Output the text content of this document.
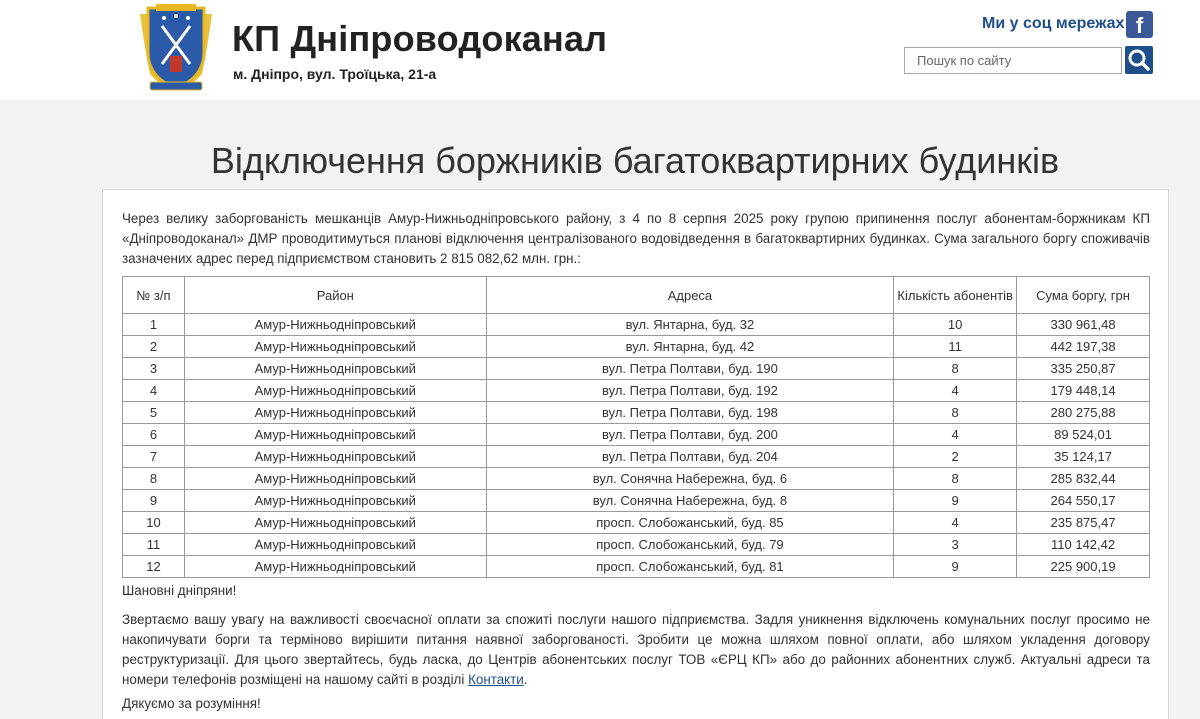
КП Дніпроводоканал
м. Дніпро, вул. Троїцька, 21-а
Ми у соц мережах f
Пошук по сайту
Відключення боржників багатоквартирних будинків

Через велику заборгованість мешканців Амур-Нижньодніпровського району, з 4 по 8 серпня 2025 року групою припинення послуг абонентам-боржникам КП «Дніпроводоканал» ДМР проводитимуться планові відключення централізованого водовідведення в багатоквартирних будинках. Сума загального боргу споживачів зазначених адрес перед підприємством становить 2 815 082,62 млн. грн.:

№ з/п	Район	Адреса	Кількість абонентів	Сума боргу, грн
1	Амур-Нижньодніпровський	вул. Янтарна, буд. 32	10	330 961,48
2	Амур-Нижньодніпровський	вул. Янтарна, буд. 42	11	442 197,38
3	Амур-Нижньодніпровський	вул. Петра Полтави, буд. 190	8	335 250,87
4	Амур-Нижньодніпровський	вул. Петра Полтави, буд. 192	4	179 448,14
5	Амур-Нижньодніпровський	вул. Петра Полтави, буд. 198	8	280 275,88
6	Амур-Нижньодніпровський	вул. Петра Полтави, буд. 200	4	89 524,01
7	Амур-Нижньодніпровський	вул. Петра Полтави, буд. 204	2	35 124,17
8	Амур-Нижньодніпровський	вул. Сонячна Набережна, буд. 6	8	285 832,44
9	Амур-Нижньодніпровський	вул. Сонячна Набережна, буд. 8	9	264 550,17
10	Амур-Нижньодніпровський	просп. Слобожанський, буд. 85	4	235 875,47
11	Амур-Нижньодніпровський	просп. Слобожанський, буд. 79	3	110 142,42
12	Амур-Нижньодніпровський	просп. Слобожанський, буд. 81	9	225 900,19

Шановні дніпряни!

Звертаємо вашу увагу на важливості своєчасної оплати за спожиті послуги нашого підприємства. Задля уникнення відключень комунальних послуг просимо не накопичувати борги та терміново вирішити питання наявної заборгованості. Зробити це можна шляхом повної оплати, або шляхом укладення договору реструктуризації. Для цього звертайтесь, будь ласка, до Центрів абонентських послуг ТОВ «ЄРЦ КП» або до районних абонентних служб. Актуальні адреси та номери телефонів розміщені на нашому сайті в розділі Контакти.

Дякуємо за розуміння!
